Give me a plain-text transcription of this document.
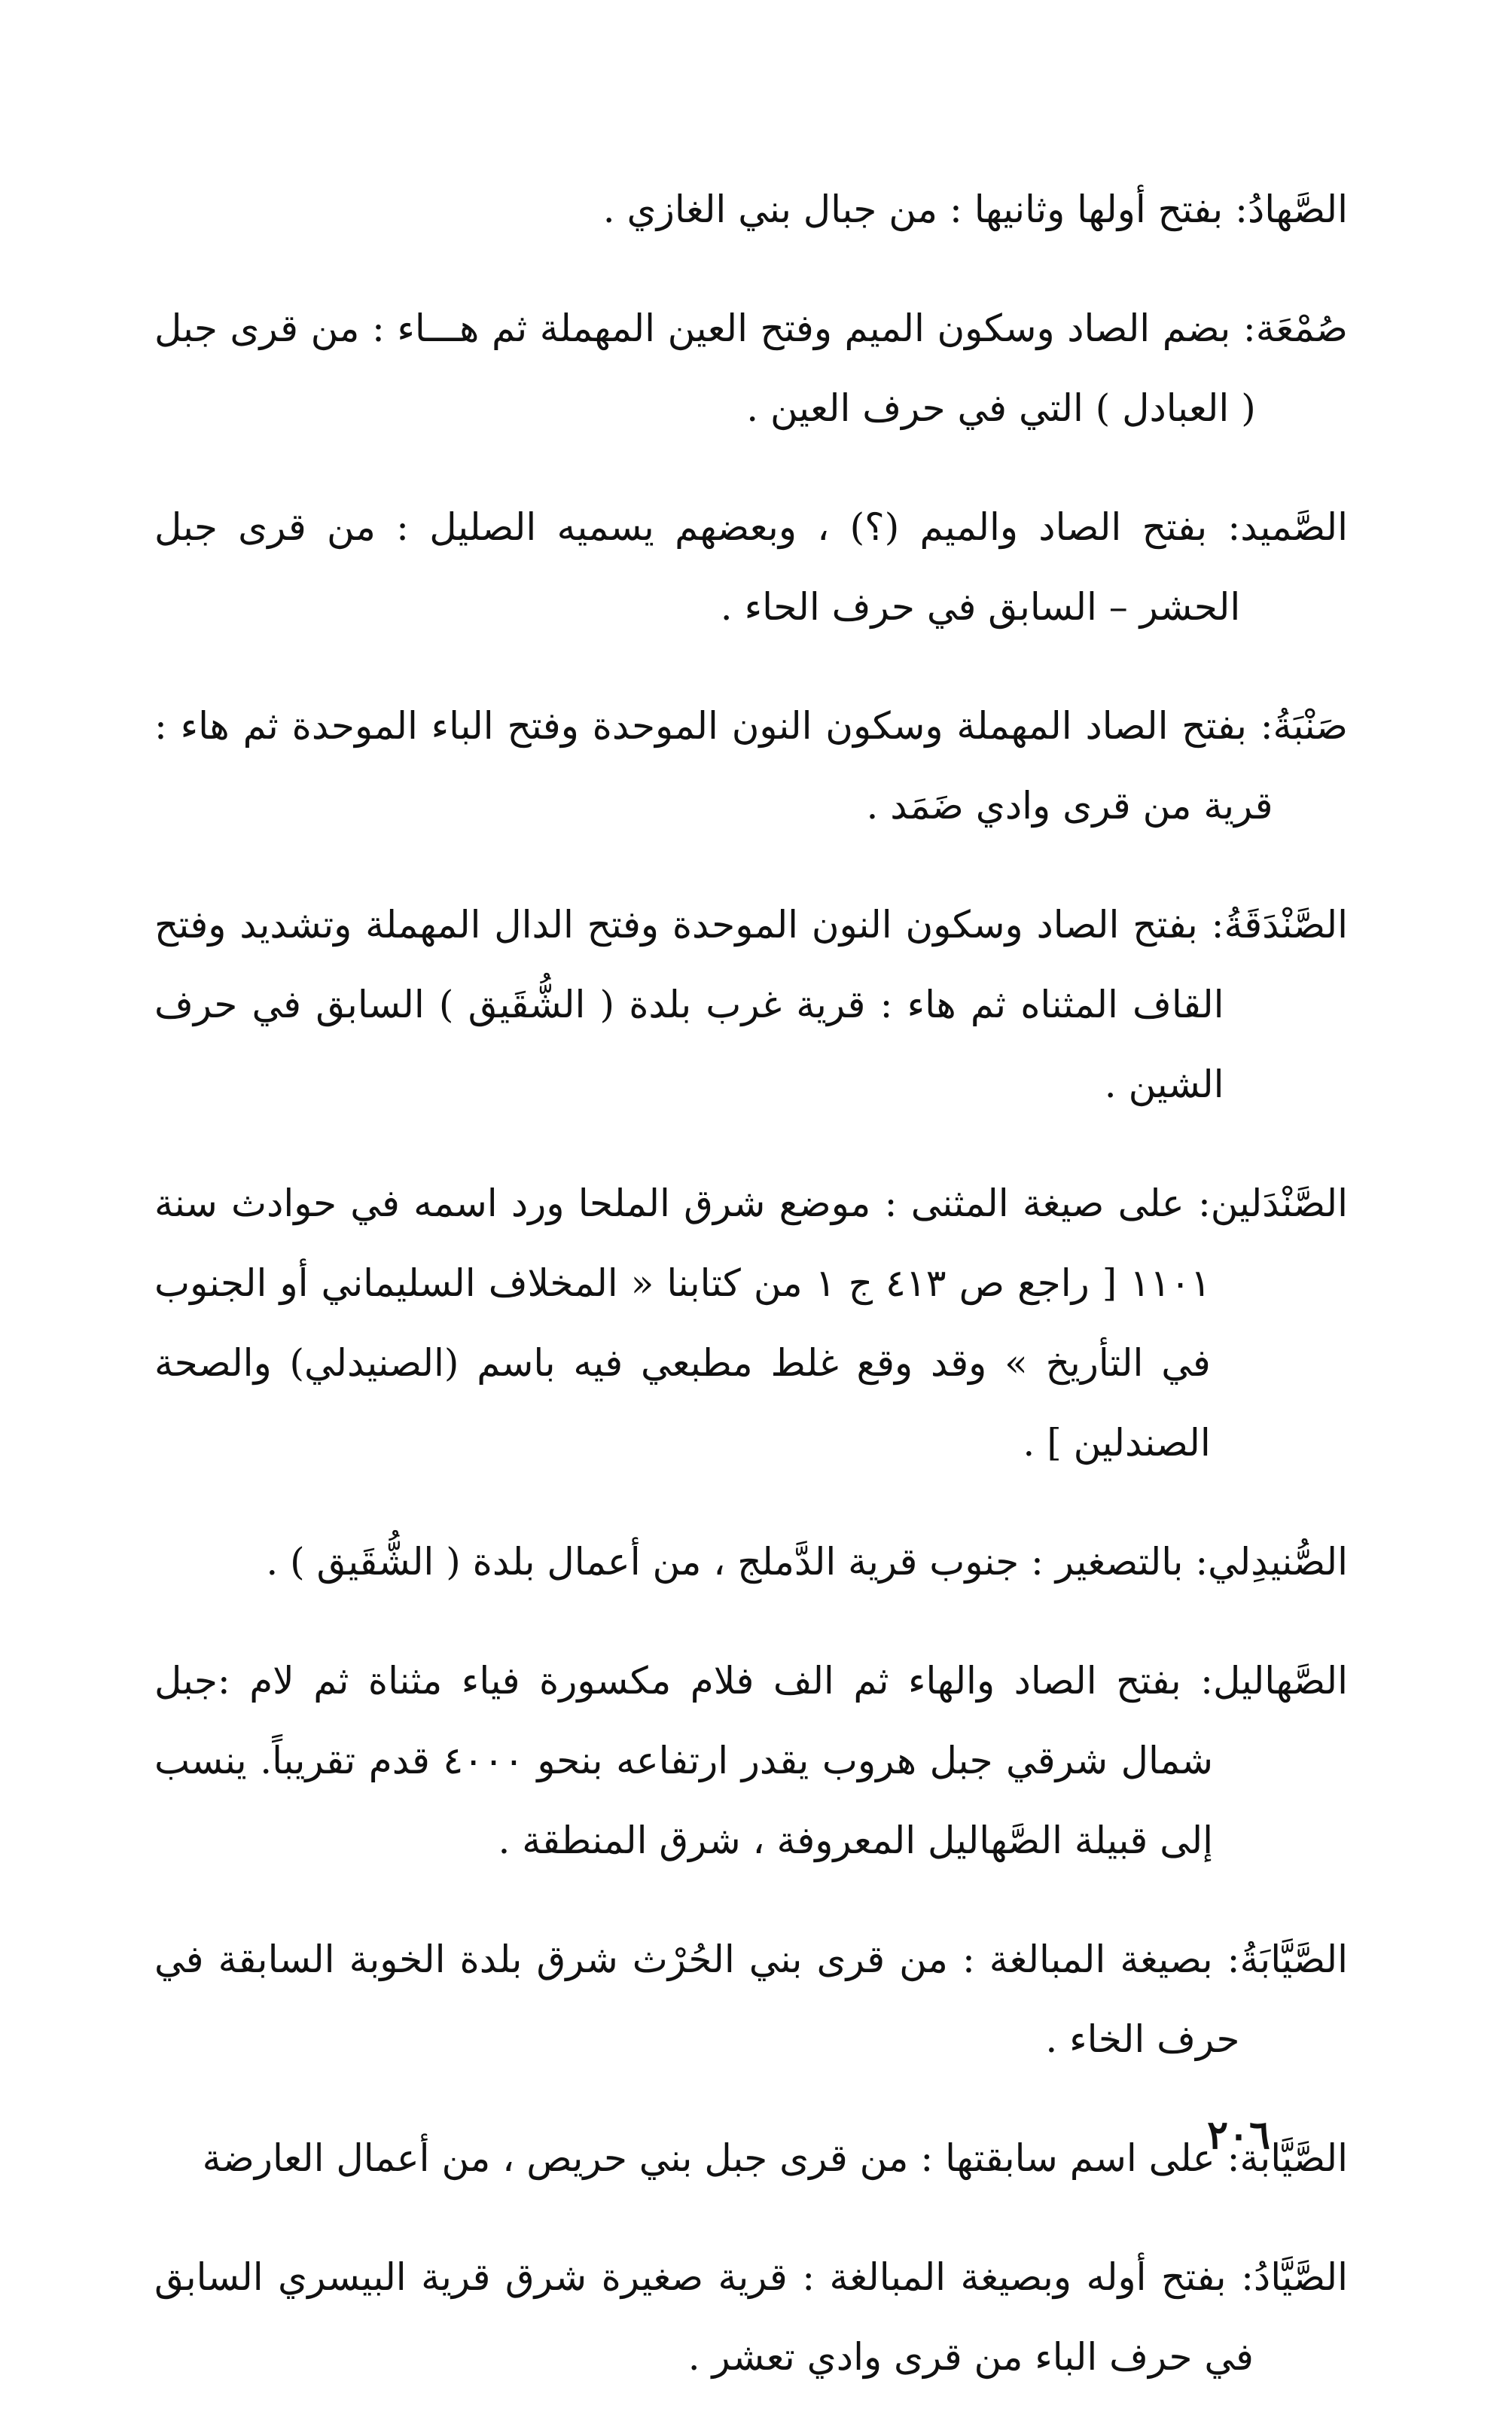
الصَّهادُ
: بفتح أولها وثانيها : من جبال بني الغازي .
صُمْعَة
: بضم الصاد وسكون الميم وفتح العين المهملة ثم هـــاء : من قرى جبل ( العبادل ) التي في حرف العين .
الصَّميد
: بفتح الصاد والميم (؟) ، وبعضهم يسميه الصليل : من قرى جبل الحشر – السابق في حرف الحاء .
صَنْبَةُ
: بفتح الصاد المهملة وسكون النون الموحدة وفتح الباء الموحدة ثم هاء : قرية من قرى وادي ضَمَد .
الصَّنْدَقَةُ
: بفتح الصاد وسكون النون الموحدة وفتح الدال المهملة وتشديد وفتح القاف المثناه ثم هاء : قرية غرب بلدة ( الشُّقَيق ) السابق في حرف الشين .
الصَّنْدَلين
: على صيغة المثنى : موضع شرق الملحا ورد اسمه في حوادث سنة ١١٠١ [ راجع ص ٤١٣ ج ١ من كتابنا « المخلاف السليماني أو الجنوب في التأريخ » وقد وقع غلط مطبعي فيه باسم (الصنيدلي) والصحة الصندلين ] .
الصُّنيدِلي
: بالتصغير : جنوب قرية الدَّملج ، من أعمال بلدة ( الشُّقَيق ) .
الصَّهاليل
: بفتح الصاد والهاء ثم الف فلام مكسورة فياء مثناة ثم لام :جبل شمال شرقي جبل هروب يقدر ارتفاعه بنحو ٤٠٠٠ قدم تقريباً. ينسب إلى قبيلة الصَّهاليل المعروفة ، شرق المنطقة .
الصَّيَّابَةُ
: بصيغة المبالغة : من قرى بني الحُرْث شرق بلدة الخوبة السابقة في حرف الخاء .
الصَّيَّابة
: على اسم سابقتها : من قرى جبل بني حريص ، من أعمال العارضة
الصَّيَّادُ
: بفتح أوله وبصيغة المبالغة : قرية صغيرة شرق قرية البيسري السابق في حرف الباء من قرى وادي تعشر .
٢٠٦
